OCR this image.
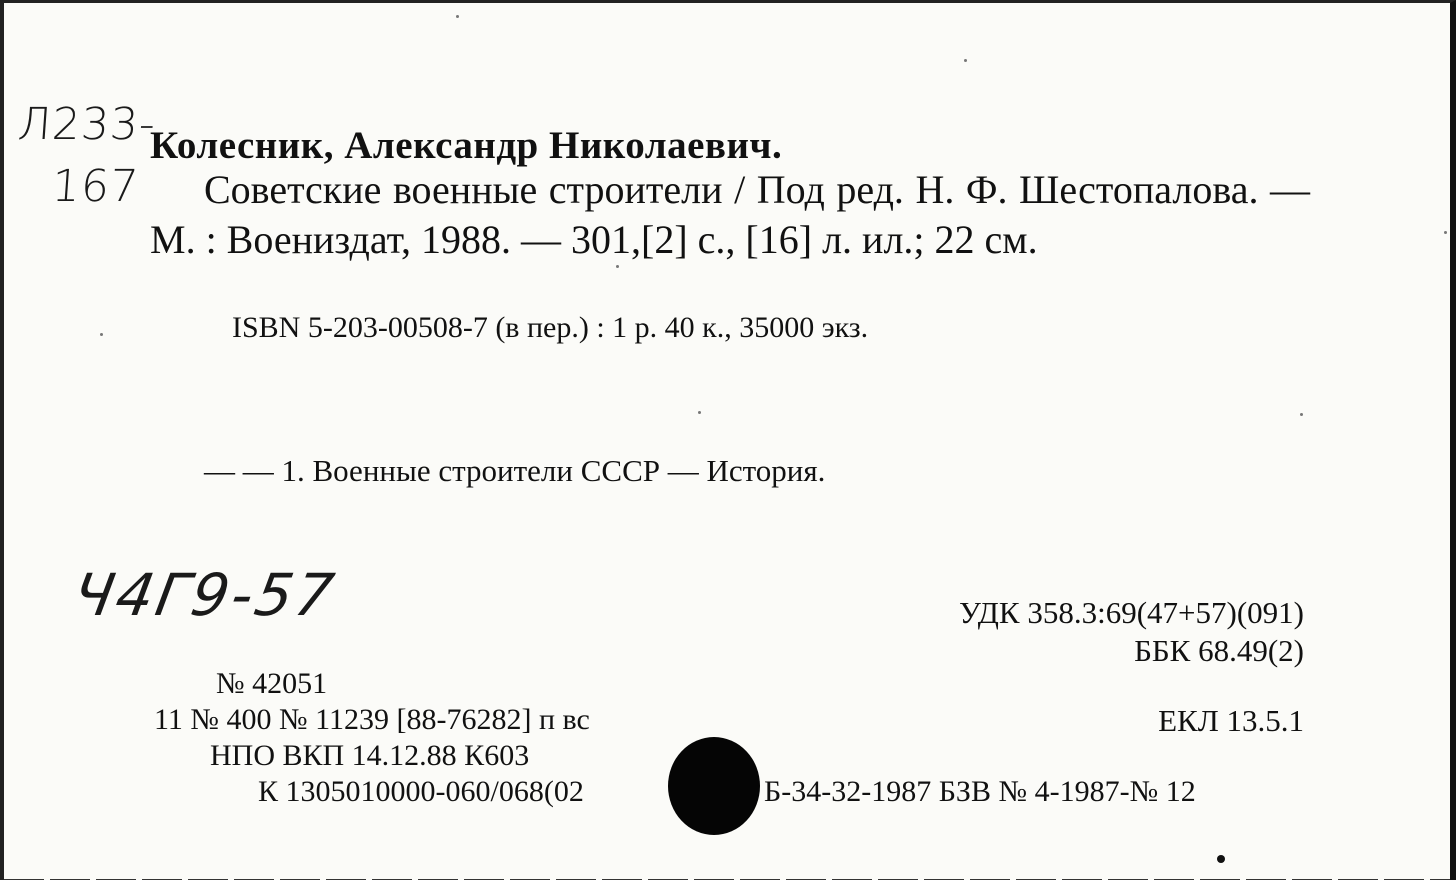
Л233-
167
Колесник, Александр Николаевич.
Советские военные строители / Под ред. Н. Ф. Шестопалова. — М. : Воениздат, 1988. — 301,[2] с., [16] л. ил.; 22 см.
ISBN 5-203-00508-7 (в пер.) : 1 р. 40 к., 35000 экз.
— — 1. Военные строители СССР — История.
Ч4Г9-57	УДК 358.3:69(47+57)(091)
ББК 68.49(2)
№ 42051
11 № 400 № 11239 [88-76282] п вс	ЕКЛ 13.5.1
НПО ВКП 14.12.88 К603
К 1305010000-060/068(02	Б-34-32-1987 БЗВ № 4-1987-№ 12
